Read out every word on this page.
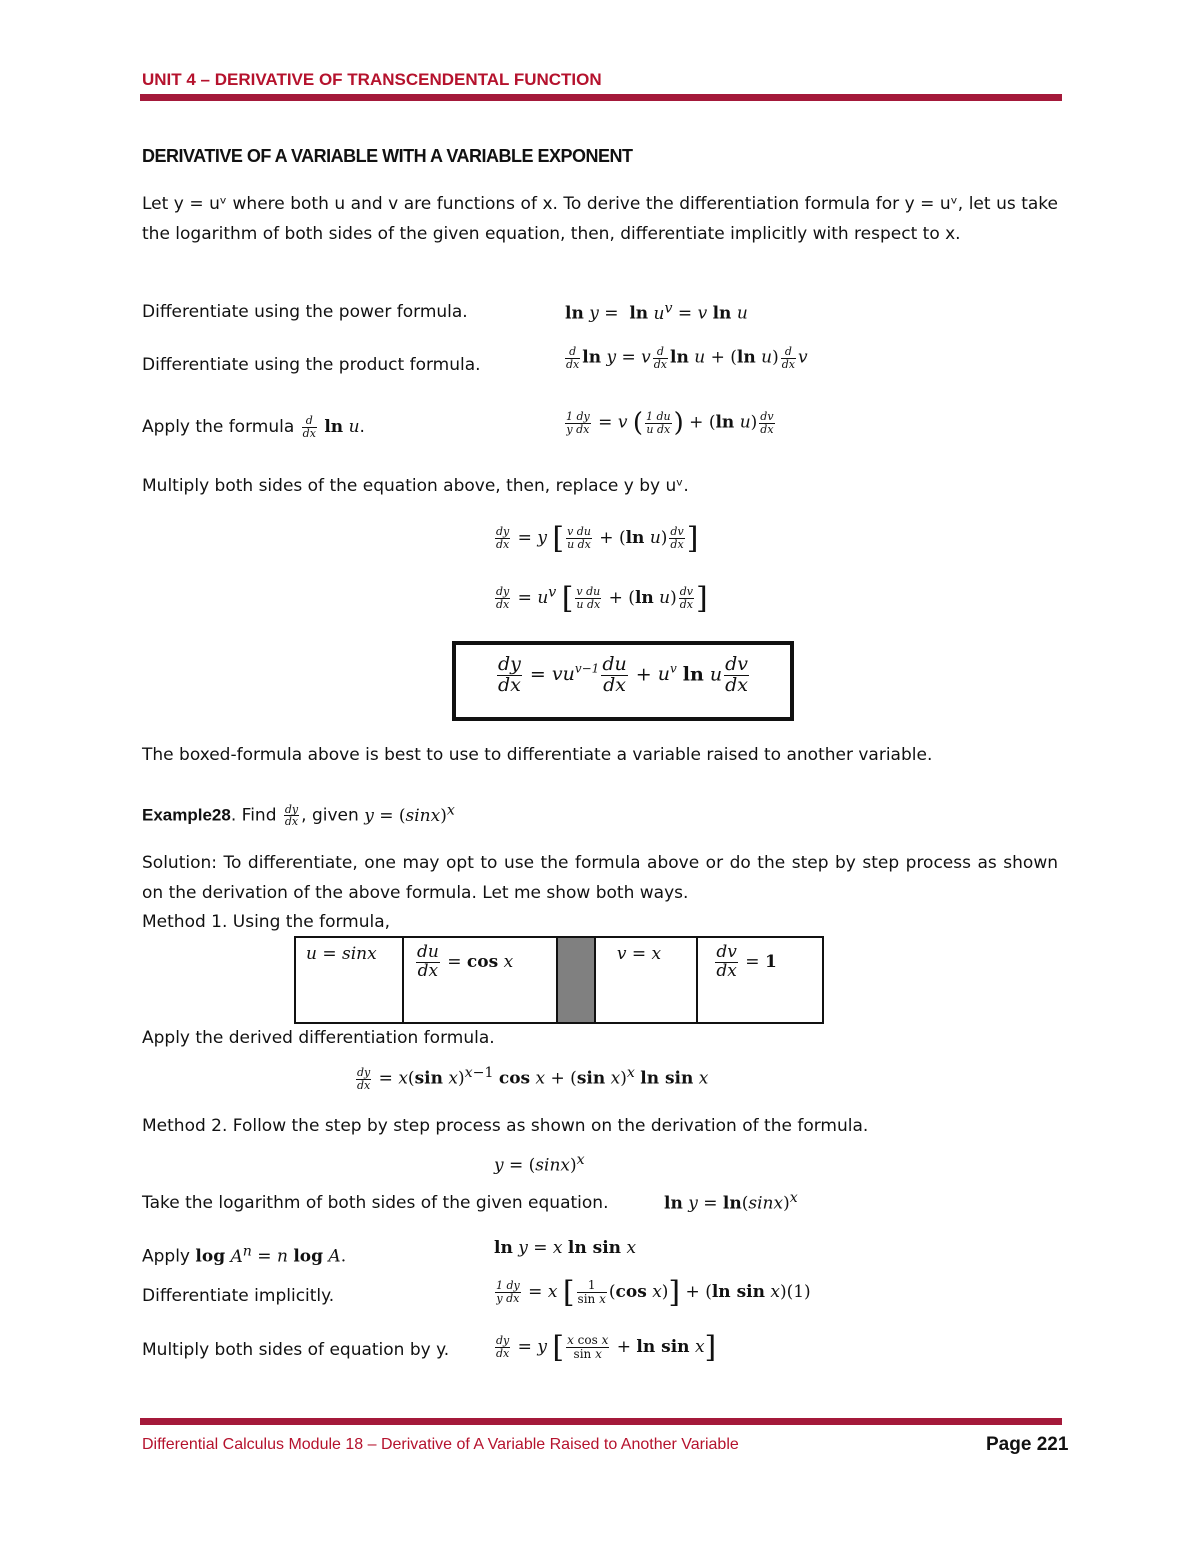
UNIT 4 – DERIVATIVE OF TRANSCENDENTAL FUNCTION
DERIVATIVE OF A VARIABLE WITH A VARIABLE EXPONENT
Let y = uᵛ where both u and v are functions of x. To derive the differentiation formula for y = uᵛ, let us take the logarithm of both sides of the given equation, then, differentiate implicitly with respect to x.
Differentiate using the power formula.	$\ln y = \ln u^v = v$ ln u
Differentiate using the product formula.	$\frac{d}{dx}$ ln y = v $\frac{d}{dx}$ ln u + (ln $u) \frac{d}{dx}$ v
Apply the formula $\frac{d}{dx}$ ln u.	$\frac{1 dy}{\text{y dx}} = v$ ( $\frac{1 du}{\text{u dx}}$ ) + (ln $u) \frac{dv}{dx}$
Multiply both sides of the equation above, then, replace y by uᵛ.
$\frac{dy}{dx} = y$ [ $\frac{\text{v du}}{\text{u dx}} + (\ln$ $u) \frac{dv}{dx}$ ]
$\frac{dy}{dx} = u^v$ [ $\frac{\text{v du}}{\text{u dx}} + (\ln$ $u) \frac{dv}{dx}$ ]
$\frac{dy}{dx} = vu^{v-1} \frac{du}{dx} + u^v$ ln u $\frac{dv}{dx}$
The boxed-formula above is best to use to differentiate a variable raised to another variable.
Example28. Find $\frac{dy}{dx}$ , given $y = (\sin x)^x$
Solution: To differentiate, one may opt to use the formula above or do the step by step process as shown on the derivation of the above formula. Let me show both ways.
Method 1. Using the formula,
u = sinx	$\frac{du}{dx} = \cos x$		v = x	$\frac{dv}{dx} = 1$
Apply the derived differentiation formula.
$\frac{dy}{dx} = x(\sin$ x)$^{x-1}$ cos x + (sin x)$^x$ ln sin x
Method 2. Follow the step by step process as shown on the derivation of the formula.
$y = (\sin x)^x$
Take the logarithm of both sides of the given equation.	$\ln y = \ln(\sin x)^x$
Apply $\log A^n = n$ log A.	ln y = x ln sin x
Differentiate implicitly.	$\frac{1 dy}{\text{y dx}} = x$ [ $\frac{1}{\text{sin x}} (\cos$ x)] + (ln sin x)(1)
Multiply both sides of equation by y.	$\frac{dy}{dx} = y$ [ $\frac{\text{x cos x}}{\text{sin x}} + \ln \sin x$]
Differential Calculus Module 18 – Derivative of A Variable Raised to Another Variable	Page 221
